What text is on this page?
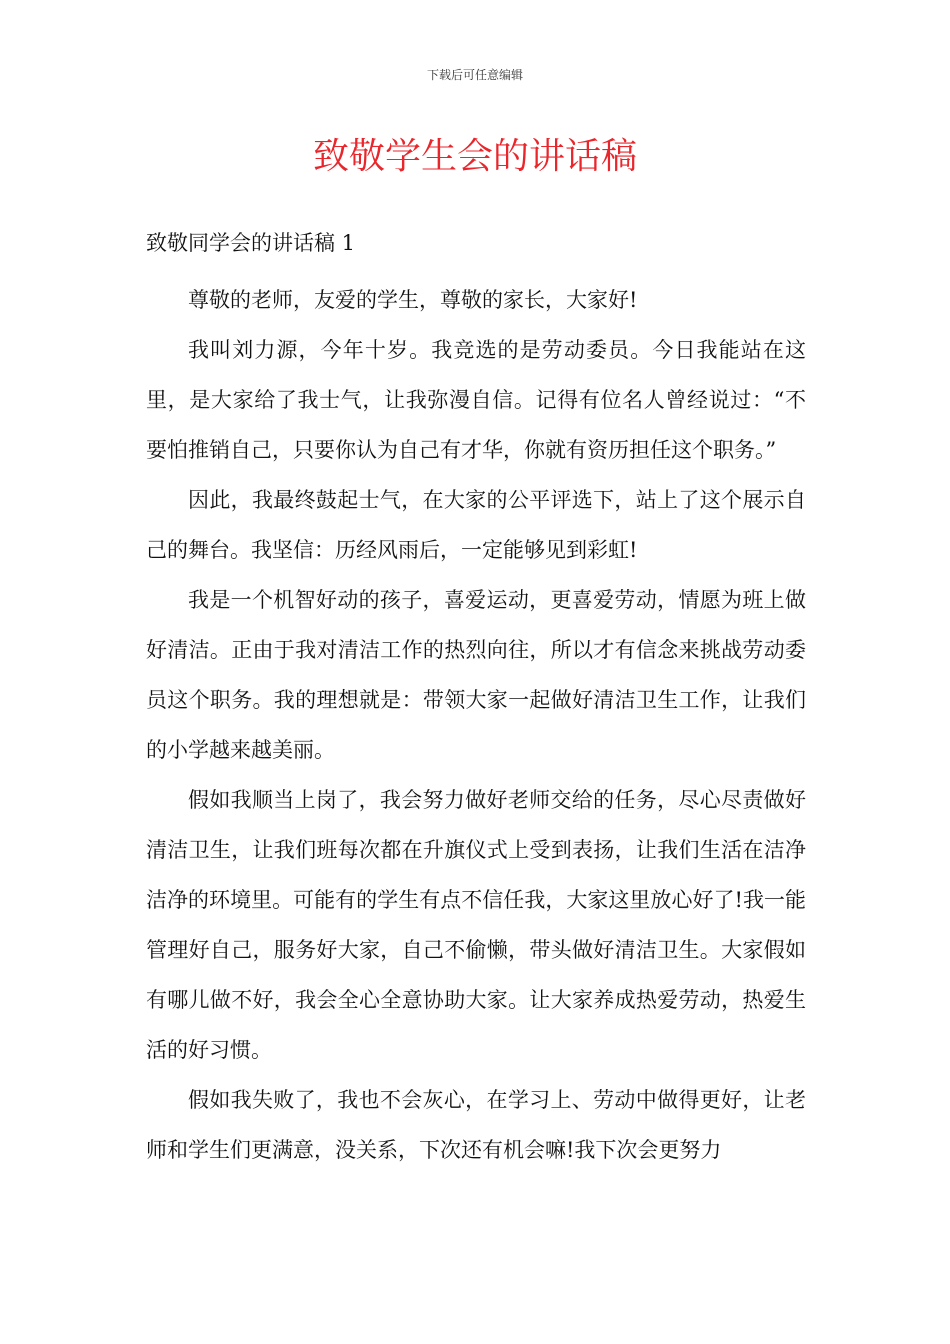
下载后可任意编辑
致敬学生会的讲话稿
致敬同学会的讲话稿 1

尊敬的老师，友爱的学生，尊敬的家长，大家好!

我叫刘力源，今年十岁。我竞选的是劳动委员。今日我能站在这里，是大家给了我士气，让我弥漫自信。记得有位名人曾经说过：“不要怕推销自己，只要你认为自己有才华，你就有资历担任这个职务。”

因此，我最终鼓起士气，在大家的公平评选下，站上了这个展示自己的舞台。我坚信：历经风雨后，一定能够见到彩虹!

我是一个机智好动的孩子，喜爱运动，更喜爱劳动，情愿为班上做好清洁。正由于我对清洁工作的热烈向往，所以才有信念来挑战劳动委员这个职务。我的理想就是：带领大家一起做好清洁卫生工作，让我们的小学越来越美丽。

假如我顺当上岗了，我会努力做好老师交给的任务，尽心尽责做好清洁卫生，让我们班每次都在升旗仪式上受到表扬，让我们生活在洁净洁净的环境里。可能有的学生有点不信任我，大家这里放心好了!我一能管理好自己，服务好大家，自己不偷懒，带头做好清洁卫生。大家假如有哪儿做不好，我会全心全意协助大家。让大家养成热爱劳动，热爱生活的好习惯。

假如我失败了，我也不会灰心，在学习上、劳动中做得更好，让老师和学生们更满意，没关系，下次还有机会嘛!我下次会更努力
